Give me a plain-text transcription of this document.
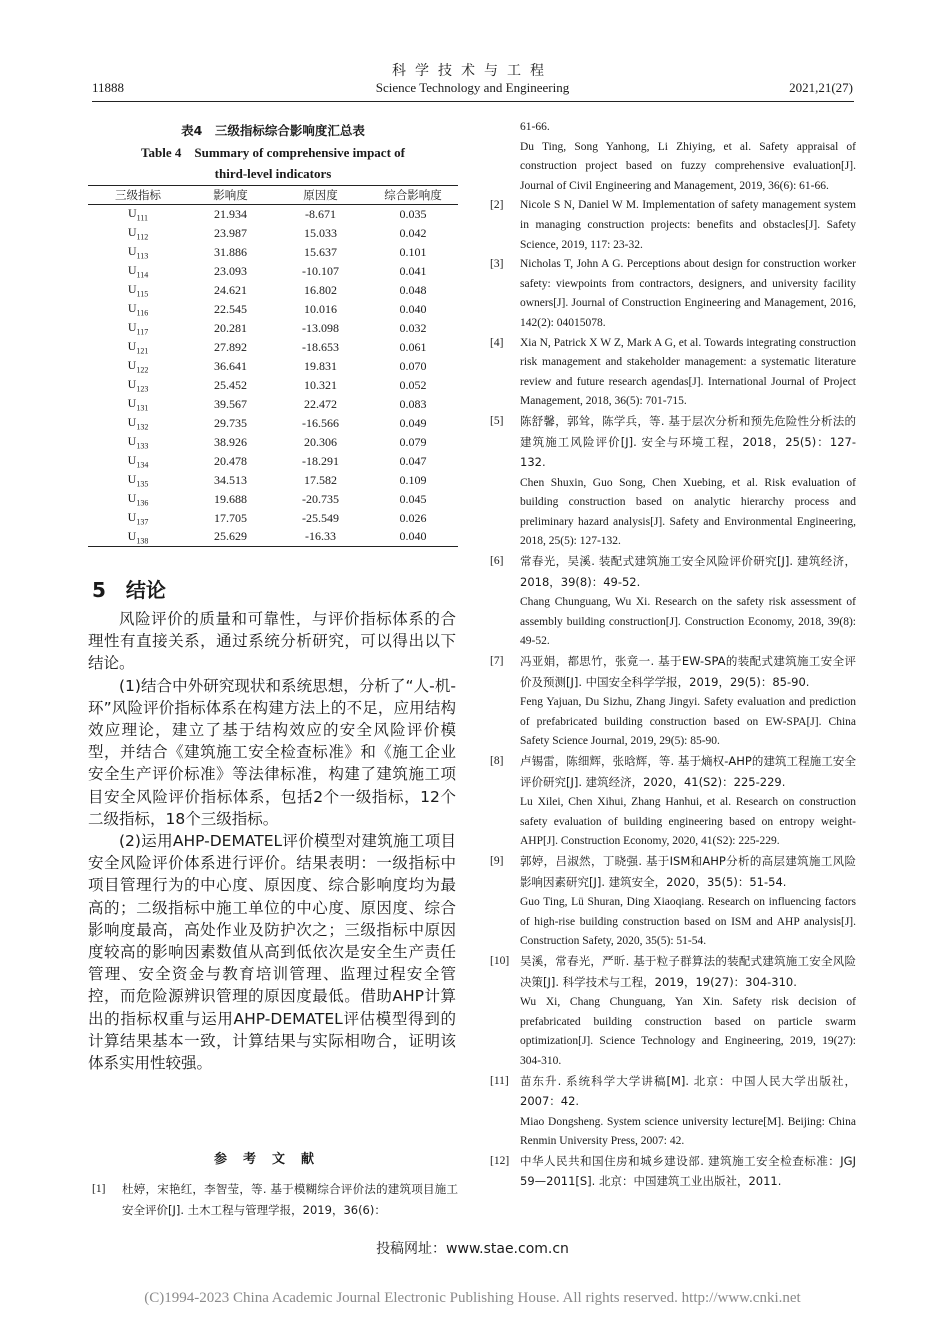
科学技术与工程
Science Technology and Engineering
11888	2021,21(27)
表4　三级指标综合影响度汇总表
Table 4　Summary of comprehensive impact of
third-level indicators
三级指标	影响度	原因度	综合影响度
$U_{111}$	21.934	-8.671	0.035
$U_{112}$	23.987	15.033	0.042
$U_{113}$	31.886	15.637	0.101
$U_{114}$	23.093	-10.107	0.041
$U_{115}$	24.621	16.802	0.048
$U_{116}$	22.545	10.016	0.040
$U_{117}$	20.281	-13.098	0.032
$U_{121}$	27.892	-18.653	0.061
$U_{122}$	36.641	19.831	0.070
$U_{123}$	25.452	10.321	0.052
$U_{131}$	39.567	22.472	0.083
$U_{132}$	29.735	-16.566	0.049
$U_{133}$	38.926	20.306	0.079
$U_{134}$	20.478	-18.291	0.047
$U_{135}$	34.513	17.582	0.109
$U_{136}$	19.688	-20.735	0.045
$U_{137}$	17.705	-25.549	0.026
$U_{138}$	25.629	-16.33	0.040
5　 结论

风险评价的质量和可靠性，与评价指标体系的合理性有直接关系，通过系统分析研究，可以得出以下结论。

(1)结合中外研究现状和系统思想，分析了“人-机-环”风险评价指标体系在构建方法上的不足，应用结构效应理论，建立了基于结构效应的安全风险评价模型，并结合《建筑施工安全检查标准》和《施工企业安全生产评价标准》等法律标准，构建了建筑施工项目安全风险评价指标体系，包括2个一级指标，12个二级指标，18个三级指标。

(2)运用AHP-DEMATEL评价模型对建筑施工项目安全风险评价体系进行评价。结果表明：一级指标中项目管理行为的中心度、原因度、综合影响度均为最高的；二级指标中施工单位的中心度、原因度、综合影响度最高，高处作业及防护次之；三级指标中原因度较高的影响因素数值从高到低依次是安全生产责任管理、安全资金与教育培训管理、监理过程安全管控，而危险源辨识管理的原因度最低。借助AHP计算出的指标权重与运用AHP-DEMATEL评估模型得到的计算结果基本一致，计算结果与实际相吻合，证明该体系实用性较强。

参考文献
[1] 杜婷，宋艳红，李智莹，等. 基于模糊综合评价法的建筑项目施工安全评价[J]. 土木工程与管理学报，2019，36(6)：
61-66.
Du Ting, Song Yanhong, Li Zhiying, et al. Safety appraisal of construction project based on fuzzy comprehensive evaluation[J]. Journal of Civil Engineering and Management, 2019, 36(6): 61-66.
[2] Nicole S N, Daniel W M. Implementation of safety management system in managing construction projects: benefits and obstacles[J]. Safety Science, 2019, 117: 23-32.
[3] Nicholas T, John A G. Perceptions about design for construction worker safety: viewpoints from contractors, designers, and university facility owners[J]. Journal of Construction Engineering and Management, 2016, 142(2): 04015078.
[4] Xia N, Patrick X W Z, Mark A G, et al. Towards integrating construction risk management and stakeholder management: a systematic literature review and future research agendas[J]. International Journal of Project Management, 2018, 36(5): 701-715.
[5] 陈舒馨，郭耸，陈学兵，等. 基于层次分析和预先危险性分析法的建筑施工风险评价[J]. 安全与环境工程，2018，25(5)：127-132.
Chen Shuxin, Guo Song, Chen Xuebing, et al. Risk evaluation of building construction based on analytic hierarchy process and preliminary hazard analysis[J]. Safety and Environmental Engineering, 2018, 25(5): 127-132.
[6] 常春光，吴溪. 装配式建筑施工安全风险评价研究[J]. 建筑经济，2018，39(8)：49-52.
Chang Chunguang, Wu Xi. Research on the safety risk assessment of assembly building construction[J]. Construction Economy, 2018, 39(8): 49-52.
[7] 冯亚娟，都思竹，张竟一. 基于EW-SPA的装配式建筑施工安全评价及预测[J]. 中国安全科学学报，2019，29(5)：85-90.
Feng Yajuan, Du Sizhu, Zhang Jingyi. Safety evaluation and prediction of prefabricated building construction based on EW-SPA[J]. China Safety Science Journal, 2019, 29(5): 85-90.
[8] 卢锡雷，陈细辉，张晗辉，等. 基于熵权-AHP的建筑工程施工安全评价研究[J]. 建筑经济，2020，41(S2)：225-229.
Lu Xilei, Chen Xihui, Zhang Hanhui, et al. Research on construction safety evaluation of building engineering based on entropy weight-AHP[J]. Construction Economy, 2020, 41(S2): 225-229.
[9] 郭婷，吕淑然，丁晓强. 基于ISM和AHP分析的高层建筑施工风险影响因素研究[J]. 建筑安全，2020，35(5)：51-54.
Guo Ting, Lü Shuran, Ding Xiaoqiang. Research on influencing factors of high-rise building construction based on ISM and AHP analysis[J]. Construction Safety, 2020, 35(5): 51-54.
[10] 吴溪，常春光，严昕. 基于粒子群算法的装配式建筑施工安全风险决策[J]. 科学技术与工程，2019，19(27)：304-310.
Wu Xi, Chang Chunguang, Yan Xin. Safety risk decision of prefabricated building construction based on particle swarm optimization[J]. Science Technology and Engineering, 2019, 19(27): 304-310.
[11] 苗东升. 系统科学大学讲稿[M]. 北京：中国人民大学出版社，2007：42.
Miao Dongsheng. System science university lecture[M]. Beijing: China Renmin University Press, 2007: 42.
[12] 中华人民共和国住房和城乡建设部. 建筑施工安全检查标准：JGJ 59—2011[S]. 北京：中国建筑工业出版社，2011.
投稿网址：www.stae.com.cn
(C)1994-2023 China Academic Journal Electronic Publishing House. All rights reserved. http://www.cnki.net
